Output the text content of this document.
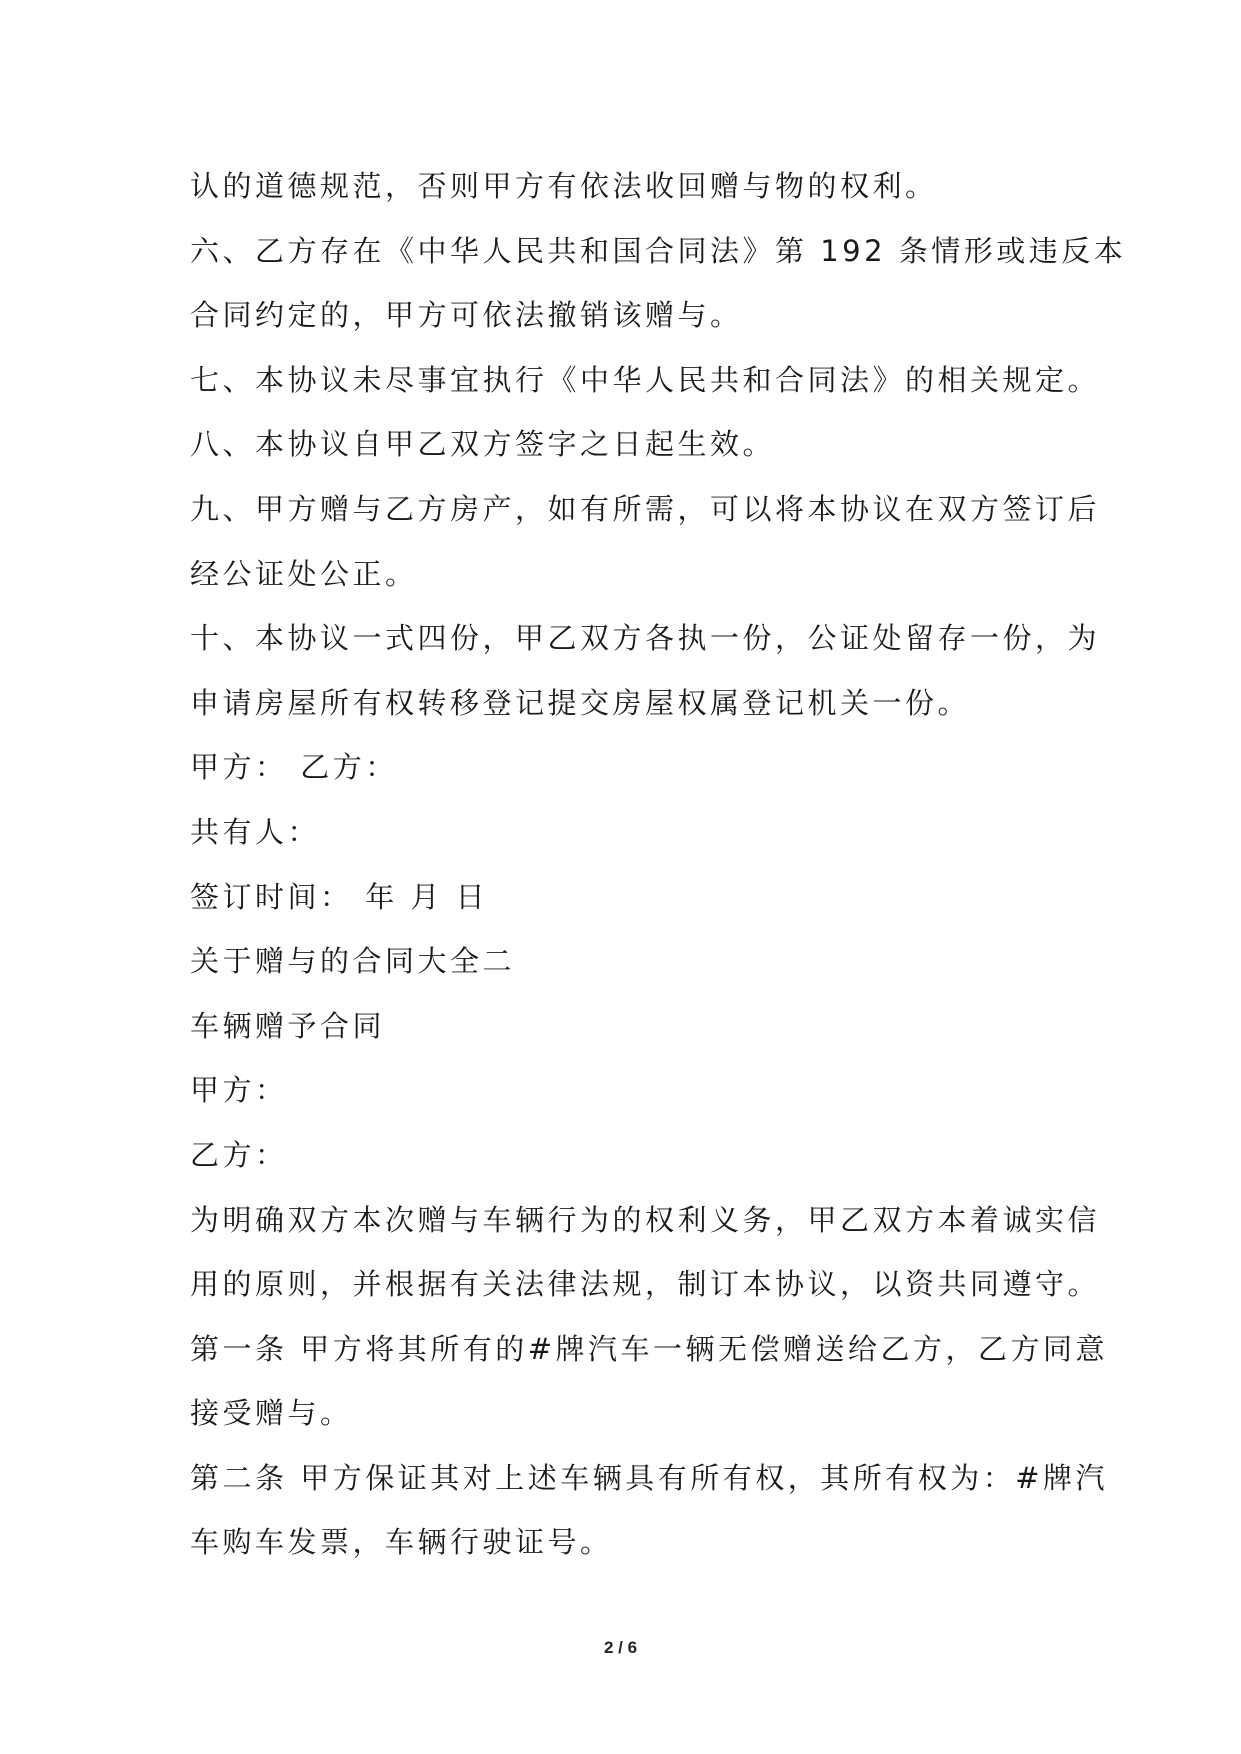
认的道德规范，否则甲方有依法收回赠与物的权利。
六、乙方存在《中华人民共和国合同法》第 192 条情形或违反本
合同约定的，甲方可依法撤销该赠与。
七、本协议未尽事宜执行《中华人民共和合同法》的相关规定。
八、本协议自甲乙双方签字之日起生效。
九、甲方赠与乙方房产，如有所需，可以将本协议在双方签订后
经公证处公正。
十、本协议一式四份，甲乙双方各执一份，公证处留存一份，为
申请房屋所有权转移登记提交房屋权属登记机关一份。
甲方： 乙方：
共有人：
签订时间： 年 月 日
关于赠与的合同大全二
车辆赠予合同
甲方：
乙方：
为明确双方本次赠与车辆行为的权利义务，甲乙双方本着诚实信
用的原则，并根据有关法律法规，制订本协议，以资共同遵守。
第一条 甲方将其所有的#牌汽车一辆无偿赠送给乙方，乙方同意
接受赠与。
第二条 甲方保证其对上述车辆具有所有权，其所有权为：#牌汽
车购车发票，车辆行驶证号。
2 / 6
